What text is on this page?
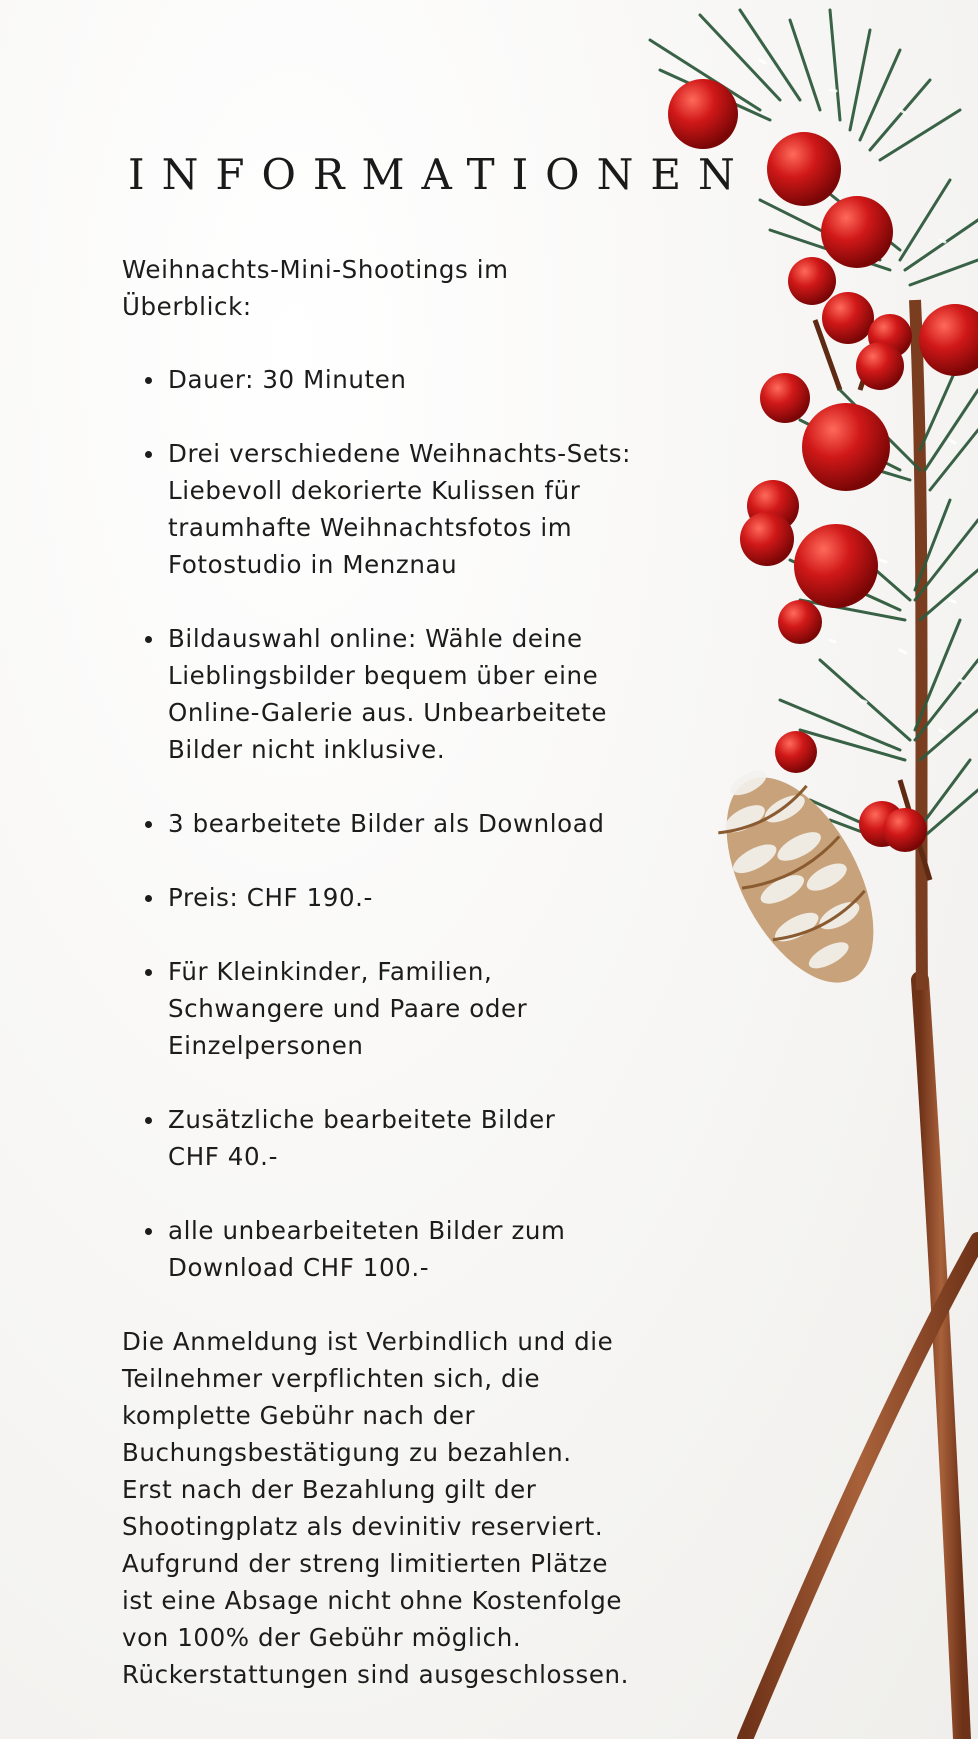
INFORMATIONEN

Weihnachts-Mini-Shootings im
Überblick:

Dauer: 30 Minuten
Drei verschiedene Weihnachts-Sets:
Liebevoll dekorierte Kulissen für
traumhafte Weihnachtsfotos im
Fotostudio in Menznau
Bildauswahl online: Wähle deine
Lieblingsbilder bequem über eine
Online-Galerie aus. Unbearbeitete
Bilder nicht inklusive.
3 bearbeitete Bilder als Download
Preis: CHF 190.-
Für Kleinkinder, Familien,
Schwangere und Paare oder
Einzelpersonen
Zusätzliche bearbeitete Bilder
CHF 40.-
alle unbearbeiteten Bilder zum
Download CHF 100.-

Die Anmeldung ist Verbindlich und die
Teilnehmer verpflichten sich, die
komplette Gebühr nach der
Buchungsbestätigung zu bezahlen.
Erst nach der Bezahlung gilt der
Shootingplatz als devinitiv reserviert.
Aufgrund der streng limitierten Plätze
ist eine Absage nicht ohne Kostenfolge
von 100% der Gebühr möglich.
Rückerstattungen sind ausgeschlossen.
